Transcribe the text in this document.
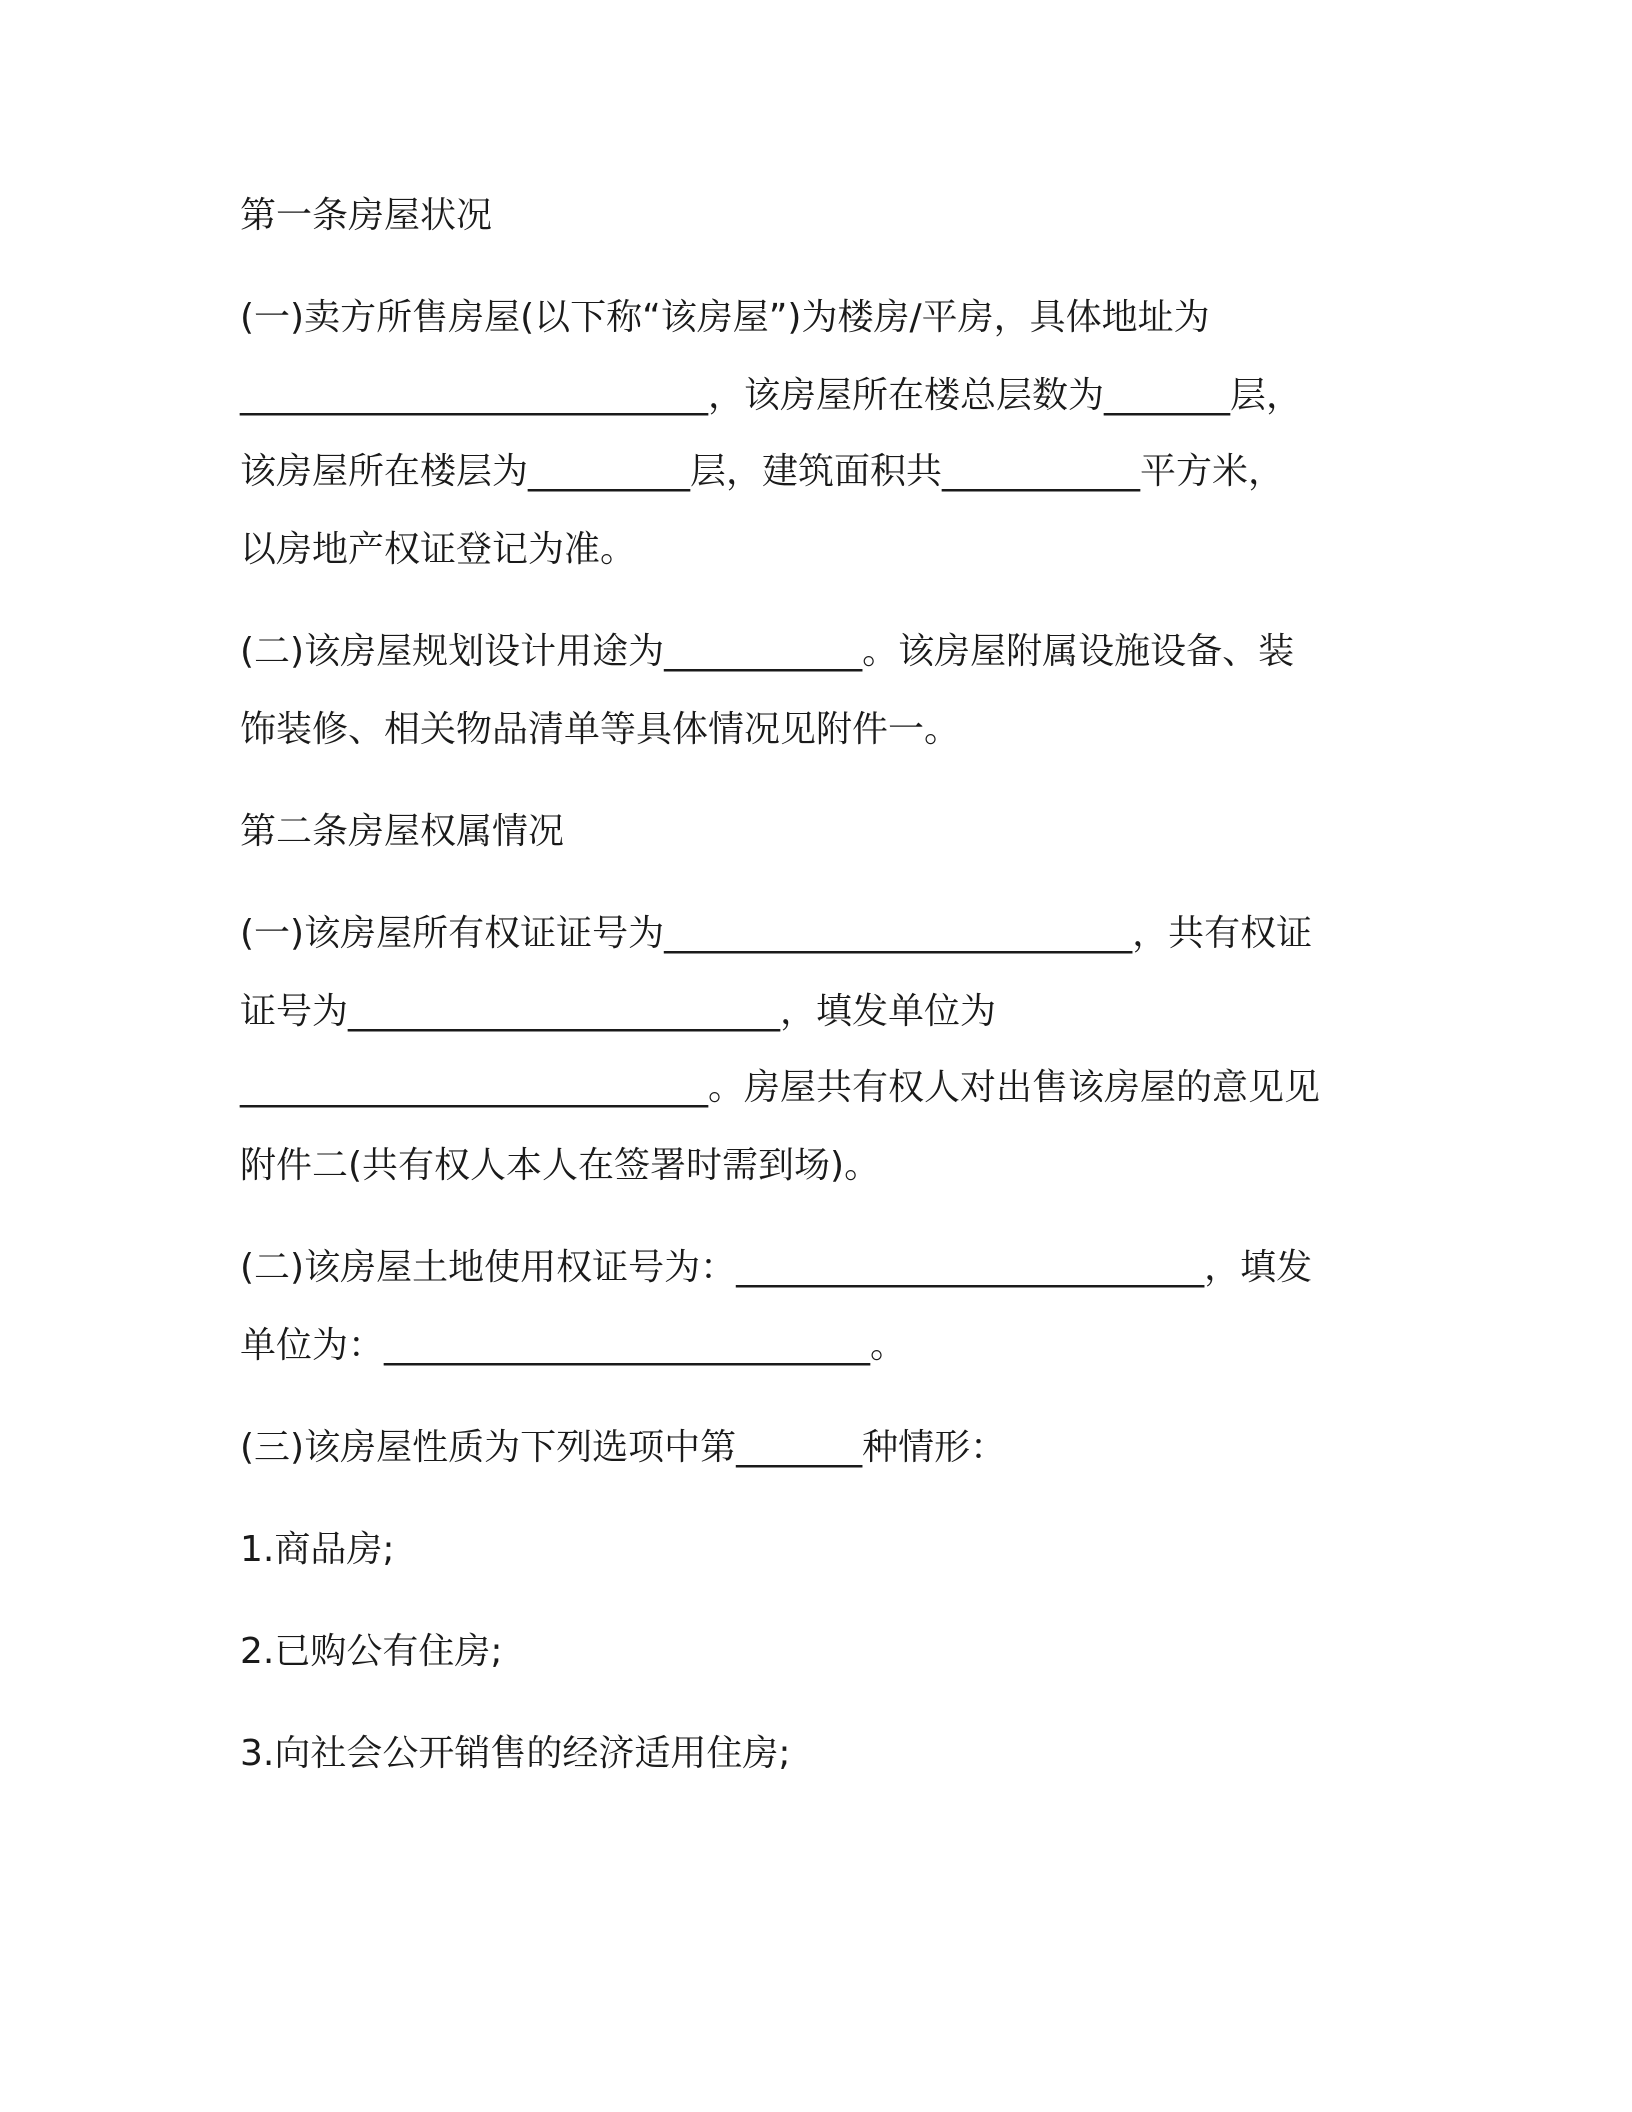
第一条房屋状况
(一)卖方所售房屋(以下称“该房屋”)为楼房/平房，具体地址为
__________________________，该房屋所在楼总层数为_______层，
该房屋所在楼层为_________层，建筑面积共___________平方米，
以房地产权证登记为准。
(二)该房屋规划设计用途为___________。该房屋附属设施设备、装
饰装修、相关物品清单等具体情况见附件一。
第二条房屋权属情况
(一)该房屋所有权证证号为__________________________，共有权证
证号为________________________，填发单位为
__________________________。房屋共有权人对出售该房屋的意见见
附件二(共有权人本人在签署时需到场)。
(二)该房屋土地使用权证号为：__________________________，填发
单位为：___________________________。
(三)该房屋性质为下列选项中第_______种情形：
1.商品房;
2.已购公有住房;
3.向社会公开销售的经济适用住房;
